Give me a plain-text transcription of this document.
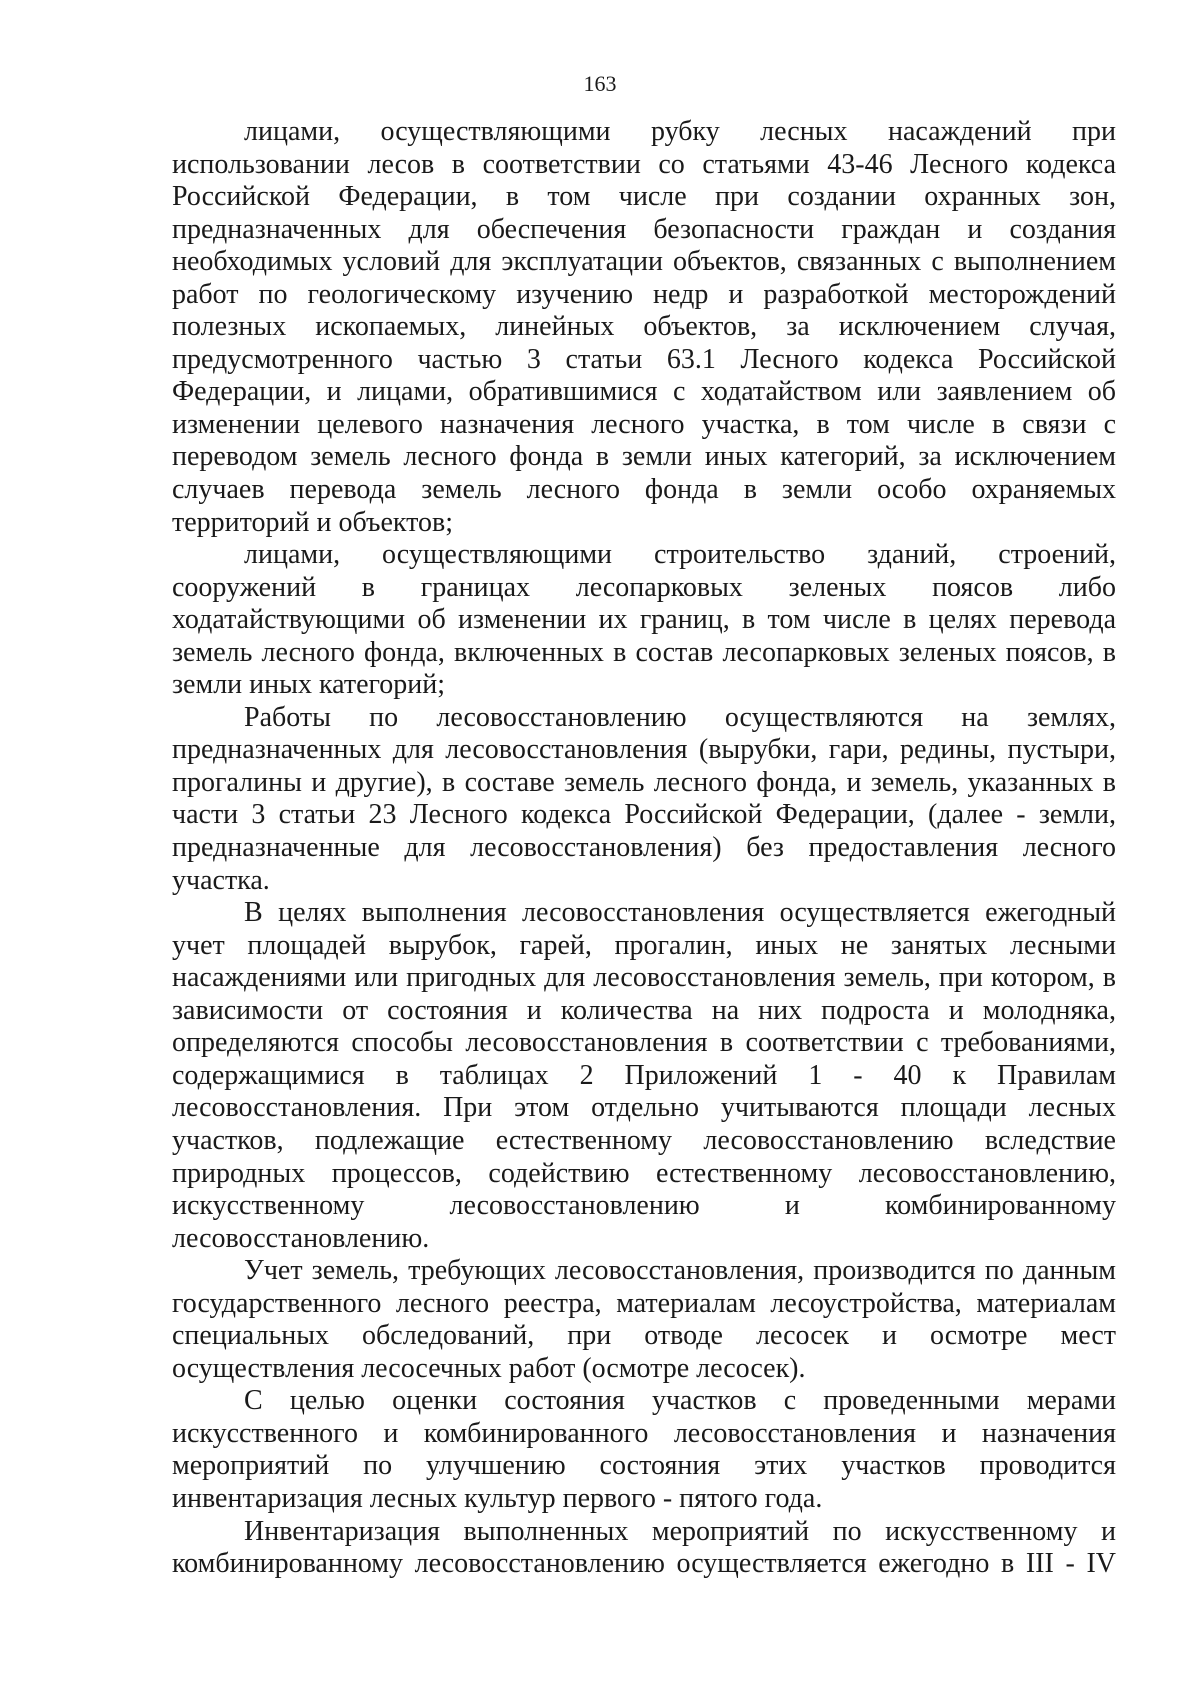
163

лицами, осуществляющими рубку лесных насаждений при использовании лесов в соответствии со статьями 43-46 Лесного кодекса Российской Федерации, в том числе при создании охранных зон, предназначенных для обеспечения безопасности граждан и создания необходимых условий для эксплуатации объектов, связанных с выполнением работ по геологическому изучению недр и разработкой месторождений полезных ископаемых, линейных объектов, за исключением случая, предусмотренного частью 3 статьи 63.1 Лесного кодекса Российской Федерации, и лицами, обратившимися с ходатайством или заявлением об изменении целевого назначения лесного участка, в том числе в связи с переводом земель лесного фонда в земли иных категорий, за исключением случаев перевода земель лесного фонда в земли особо охраняемых территорий и объектов;

лицами, осуществляющими строительство зданий, строений, сооружений в границах лесопарковых зеленых поясов либо ходатайствующими об изменении их границ, в том числе в целях перевода земель лесного фонда, включенных в состав лесопарковых зеленых поясов, в земли иных категорий;

Работы по лесовосстановлению осуществляются на землях, предназначенных для лесовосстановления (вырубки, гари, редины, пустыри, прогалины и другие), в составе земель лесного фонда, и земель, указанных в части 3 статьи 23 Лесного кодекса Российской Федерации, (далее - земли, предназначенные для лесовосстановления) без предоставления лесного участка.

В целях выполнения лесовосстановления осуществляется ежегодный учет площадей вырубок, гарей, прогалин, иных не занятых лесными насаждениями или пригодных для лесовосстановления земель, при котором, в зависимости от состояния и количества на них подроста и молодняка, определяются способы лесовосстановления в соответствии с требованиями, содержащимися в таблицах 2 Приложений 1 - 40 к Правилам лесовосстановления. При этом отдельно учитываются площади лесных участков, подлежащие естественному лесовосстановлению вследствие природных процессов, содействию естественному лесовосстановлению, искусственному лесовосстановлению и комбинированному лесовосстановлению.

Учет земель, требующих лесовосстановления, производится по данным государственного лесного реестра, материалам лесоустройства, материалам специальных обследований, при отводе лесосек и осмотре мест осуществления лесосечных работ (осмотре лесосек).

С целью оценки состояния участков с проведенными мерами искусственного и комбинированного лесовосстановления и назначения мероприятий по улучшению состояния этих участков проводится инвентаризация лесных культур первого - пятого года.

Инвентаризация выполненных мероприятий по искусственному и комбинированному лесовосстановлению осуществляется ежегодно в III - IV
